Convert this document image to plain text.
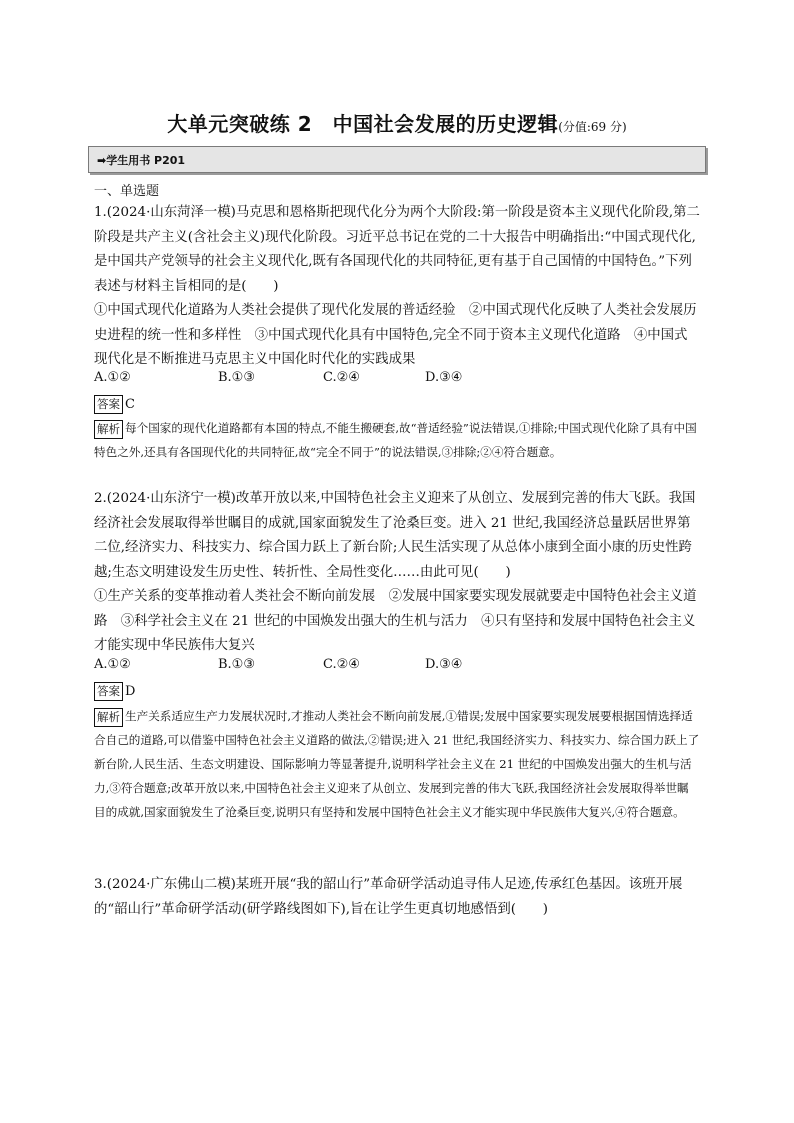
大单元突破练 2　中国社会发展的历史逻辑(分值:69 分)
➡学生用书 P201
一、单选题
1.(2024·山东菏泽一模)马克思和恩格斯把现代化分为两个大阶段:第一阶段是资本主义现代化阶段,第二阶段是共产主义(含社会主义)现代化阶段。习近平总书记在党的二十大报告中明确指出:“中国式现代化,是中国共产党领导的社会主义现代化,既有各国现代化的共同特征,更有基于自己国情的中国特色。”下列表述与材料主旨相同的是(　　)
①中国式现代化道路为人类社会提供了现代化发展的普适经验　②中国式现代化反映了人类社会发展历史进程的统一性和多样性　③中国式现代化具有中国特色,完全不同于资本主义现代化道路　④中国式现代化是不断推进马克思主义中国化时代化的实践成果
A.①②	B.①③	C.②④	D.③④
答案 C
解析 每个国家的现代化道路都有本国的特点,不能生搬硬套,故“普适经验”说法错误,①排除;中国式现代化除了具有中国特色之外,还具有各国现代化的共同特征,故“完全不同于”的说法错误,③排除;②④符合题意。
2.(2024·山东济宁一模)改革开放以来,中国特色社会主义迎来了从创立、发展到完善的伟大飞跃。我国经济社会发展取得举世瞩目的成就,国家面貌发生了沧桑巨变。进入 21 世纪,我国经济总量跃居世界第二位,经济实力、科技实力、综合国力跃上了新台阶;人民生活实现了从总体小康到全面小康的历史性跨越;生态文明建设发生历史性、转折性、全局性变化……由此可见(　　)
①生产关系的变革推动着人类社会不断向前发展　②发展中国家要实现发展就要走中国特色社会主义道路　③科学社会主义在 21 世纪的中国焕发出强大的生机与活力　④只有坚持和发展中国特色社会主义才能实现中华民族伟大复兴
A.①②	B.①③	C.②④	D.③④
答案 D
解析 生产关系适应生产力发展状况时,才推动人类社会不断向前发展,①错误;发展中国家要实现发展要根据国情选择适合自己的道路,可以借鉴中国特色社会主义道路的做法,②错误;进入 21 世纪,我国经济实力、科技实力、综合国力跃上了新台阶,人民生活、生态文明建设、国际影响力等显著提升,说明科学社会主义在 21 世纪的中国焕发出强大的生机与活力,③符合题意;改革开放以来,中国特色社会主义迎来了从创立、发展到完善的伟大飞跃,我国经济社会发展取得举世瞩目的成就,国家面貌发生了沧桑巨变,说明只有坚持和发展中国特色社会主义才能实现中华民族伟大复兴,④符合题意。
3.(2024·广东佛山二模)某班开展“我的韶山行”革命研学活动追寻伟人足迹,传承红色基因。该班开展的“韶山行”革命研学活动(研学路线图如下),旨在让学生更真切地感悟到(　　)
